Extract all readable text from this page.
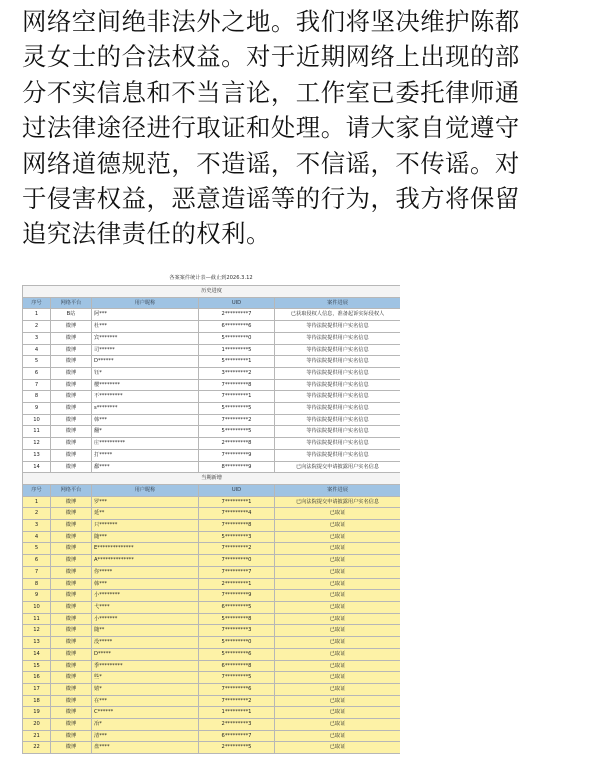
网络空间绝非法外之地。我们将坚决维护陈都
灵女士的合法权益。对于近期网络上出现的部
分不实信息和不当言论，工作室已委托律师通
过法律途径进行取证和处理。请大家自觉遵守
网络道德规范，不造谣，不信谣，不传谣。对
于侵害权益，恶意造谣等的行为，我方将保留
追究法律责任的权利。
各案案件统计表—截止到2026.3.12
历史进度				
序号	网络平台	用户昵称	UID	案件进展
1	B站	阿***	2*********7	已获取侵权人信息，准备起诉实际侵权人
2	微博	杜***	6*********6	等待法院提供用户实名信息
3	微博	宾*******	5*********0	等待法院提供用户实名信息
4	微博	司******	1*********5	等待法院提供用户实名信息
5	微博	D******	5*********1	等待法院提供用户实名信息
6	微博	钰*	3*********2	等待法院提供用户实名信息
7	微博	樱********	7*********8	等待法院提供用户实名信息
8	微博	不*********	7*********1	等待法院提供用户实名信息
9	微博	s********	5*********5	等待法院提供用户实名信息
10	微博	韩***	7*********2	等待法院提供用户实名信息
11	微博	翻*	5*********5	等待法院提供用户实名信息
12	微博	庄**********	2*********8	等待法院提供用户实名信息
13	微博	打*****	7*********9	等待法院提供用户实名信息
14	微博	鄱****	8*********9	已向法院提交申请披露用户实名信息
当期新增				
序号	网络平台	用户昵称	UID	案件进展
1	微博	罗***	7*********1	已向法院提交申请披露用户实名信息
2	微博	延**	7*********4	已取证
3	微博	只*******	7*********8	已取证
4	微博	随***	5*********3	已取证
5	微博	E**************	7*********2	已取证
6	微博	A**************	7*********0	已取证
7	微博	你*****	7*********7	已取证
8	微博	韩***	2*********1	已取证
9	微博	小********	7*********9	已取证
10	微博	弋****	6*********5	已取证
11	微博	小*******	5*********8	已取证
12	微博	随**	7*********3	已取证
13	微博	没*****	5*********0	已取证
14	微博	D*****	5*********6	已取证
15	微博	季*********	6*********8	已取证
16	微博	些*	7*********5	已取证
17	微博	嬉*	7*********6	已取证
18	微博	在***	7*********2	已取证
19	微博	C******	1*********1	已取证
20	微博	冶*	2*********3	已取证
21	微博	清***	6*********7	已取证
22	微博	盘****	2*********5	已取证
